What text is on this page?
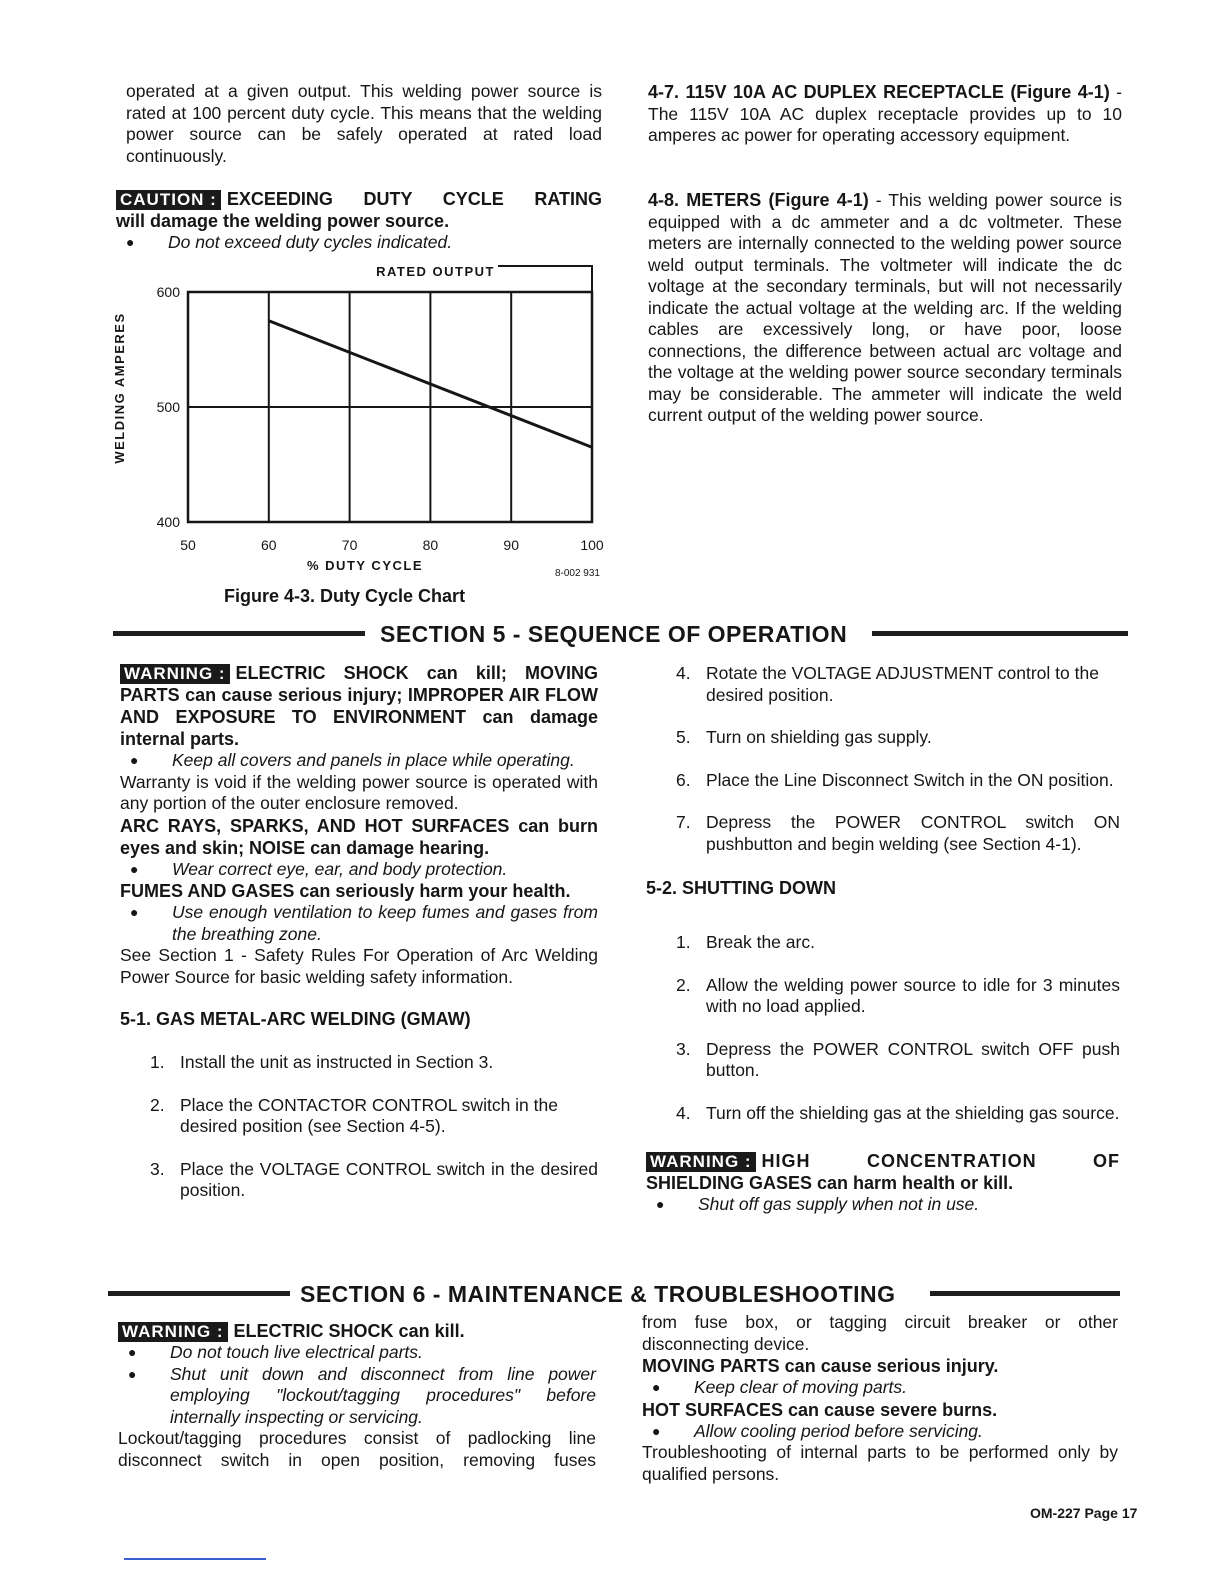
operated at a given output. This welding power source is rated at 100 percent duty cycle. This means that the welding power source can be safely operated at rated load continuously.
CAUTION : EXCEEDING DUTY CYCLE RATING
will damage the welding power source.
● Do not exceed duty cycles indicated.
RATED OUTPUT
600
500
400
50	60	70	80	90	100
WELDING AMPERES
% DUTY CYCLE
8-002 931
Figure 4-3. Duty Cycle Chart
4-7. 115V 10A AC DUPLEX RECEPTACLE (Figure 4-1) - The 115V 10A AC duplex receptacle provides up to 10 amperes ac power for operating accessory equipment.
4-8. METERS (Figure 4-1) - This welding power source is equipped with a dc ammeter and a dc voltmeter. These meters are internally connected to the welding power source weld output terminals. The voltmeter will indicate the dc voltage at the secondary terminals, but will not necessarily indicate the actual voltage at the welding arc. If the welding cables are excessively long, or have poor, loose connections, the difference between actual arc voltage and the voltage at the welding power source secondary terminals may be considerable. The ammeter will indicate the weld current output of the welding power source.
SECTION 5 - SEQUENCE OF OPERATION
WARNING : ELECTRIC SHOCK can kill; MOVING PARTS can cause serious injury; IMPROPER AIR FLOW AND EXPOSURE TO ENVIRONMENT can damage internal parts.
● Keep all covers and panels in place while operating.
Warranty is void if the welding power source is operated with any portion of the outer enclosure removed.
ARC RAYS, SPARKS, AND HOT SURFACES can burn eyes and skin; NOISE can damage hearing.
● Wear correct eye, ear, and body protection.
FUMES AND GASES can seriously harm your health.
● Use enough ventilation to keep fumes and gases from the breathing zone.
See Section 1 - Safety Rules For Operation of Arc Welding Power Source for basic welding safety information.
5-1. GAS METAL-ARC WELDING (GMAW)
1. Install the unit as instructed in Section 3.
2. Place the CONTACTOR CONTROL switch in the desired position (see Section 4-5).
3. Place the VOLTAGE CONTROL switch in the desired position.
4. Rotate the VOLTAGE ADJUSTMENT control to the desired position.
5. Turn on shielding gas supply.
6. Place the Line Disconnect Switch in the ON position.
7. Depress the POWER CONTROL switch ON pushbutton and begin welding (see Section 4-1).
5-2. SHUTTING DOWN
1. Break the arc.
2. Allow the welding power source to idle for 3 minutes with no load applied.
3. Depress the POWER CONTROL switch OFF push button.
4. Turn off the shielding gas at the shielding gas source.
WARNING : HIGH CONCENTRATION OF
SHIELDING GASES can harm health or kill.
● Shut off gas supply when not in use.
SECTION 6 - MAINTENANCE & TROUBLESHOOTING
WARNING : ELECTRIC SHOCK can kill.
● Do not touch live electrical parts.
● Shut unit down and disconnect from line power employing "lockout/tagging procedures" before internally inspecting or servicing.
Lockout/tagging procedures consist of padlocking line disconnect switch in open position, removing fuses
from fuse box, or tagging circuit breaker or other disconnecting device.
MOVING PARTS can cause serious injury.
● Keep clear of moving parts.
HOT SURFACES can cause severe burns.
● Allow cooling period before servicing.
Troubleshooting of internal parts to be performed only by qualified persons.
OM-227 Page 17
